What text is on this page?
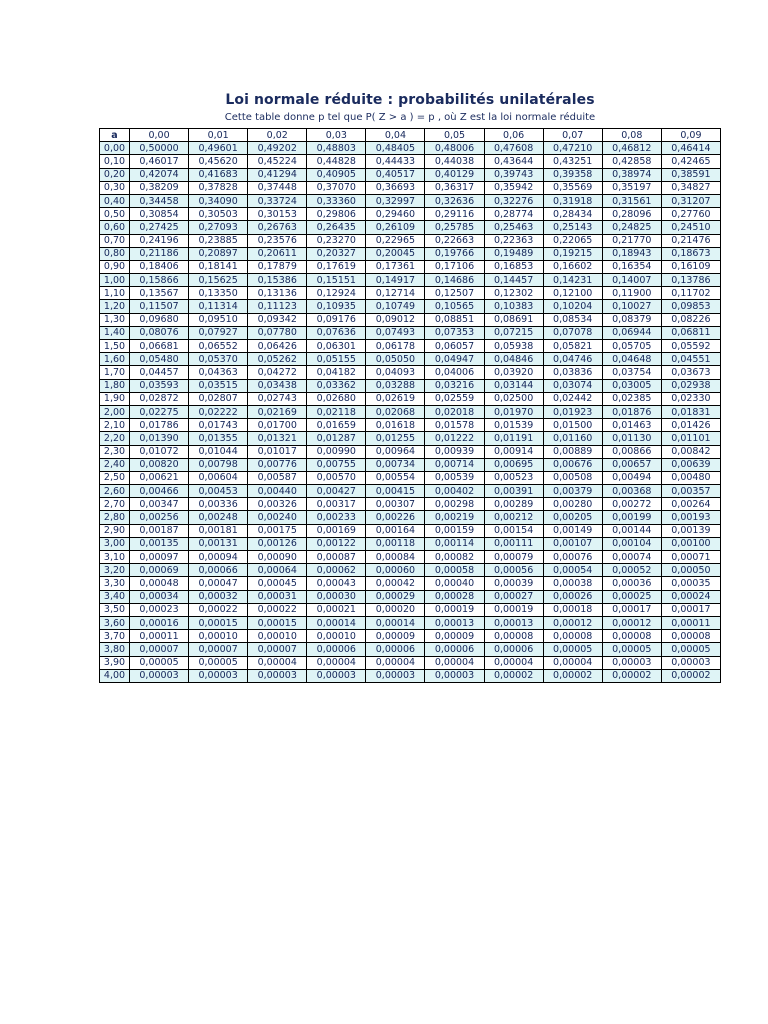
Loi normale réduite : probabilités unilatérales
Cette table donne p tel que P( Z > a ) = p , où Z est la loi normale réduite
a	0,00	0,01	0,02	0,03	0,04	0,05	0,06	0,07	0,08	0,09
0,00	0,50000	0,49601	0,49202	0,48803	0,48405	0,48006	0,47608	0,47210	0,46812	0,46414
0,10	0,46017	0,45620	0,45224	0,44828	0,44433	0,44038	0,43644	0,43251	0,42858	0,42465
0,20	0,42074	0,41683	0,41294	0,40905	0,40517	0,40129	0,39743	0,39358	0,38974	0,38591
0,30	0,38209	0,37828	0,37448	0,37070	0,36693	0,36317	0,35942	0,35569	0,35197	0,34827
0,40	0,34458	0,34090	0,33724	0,33360	0,32997	0,32636	0,32276	0,31918	0,31561	0,31207
0,50	0,30854	0,30503	0,30153	0,29806	0,29460	0,29116	0,28774	0,28434	0,28096	0,27760
0,60	0,27425	0,27093	0,26763	0,26435	0,26109	0,25785	0,25463	0,25143	0,24825	0,24510
0,70	0,24196	0,23885	0,23576	0,23270	0,22965	0,22663	0,22363	0,22065	0,21770	0,21476
0,80	0,21186	0,20897	0,20611	0,20327	0,20045	0,19766	0,19489	0,19215	0,18943	0,18673
0,90	0,18406	0,18141	0,17879	0,17619	0,17361	0,17106	0,16853	0,16602	0,16354	0,16109
1,00	0,15866	0,15625	0,15386	0,15151	0,14917	0,14686	0,14457	0,14231	0,14007	0,13786
1,10	0,13567	0,13350	0,13136	0,12924	0,12714	0,12507	0,12302	0,12100	0,11900	0,11702
1,20	0,11507	0,11314	0,11123	0,10935	0,10749	0,10565	0,10383	0,10204	0,10027	0,09853
1,30	0,09680	0,09510	0,09342	0,09176	0,09012	0,08851	0,08691	0,08534	0,08379	0,08226
1,40	0,08076	0,07927	0,07780	0,07636	0,07493	0,07353	0,07215	0,07078	0,06944	0,06811
1,50	0,06681	0,06552	0,06426	0,06301	0,06178	0,06057	0,05938	0,05821	0,05705	0,05592
1,60	0,05480	0,05370	0,05262	0,05155	0,05050	0,04947	0,04846	0,04746	0,04648	0,04551
1,70	0,04457	0,04363	0,04272	0,04182	0,04093	0,04006	0,03920	0,03836	0,03754	0,03673
1,80	0,03593	0,03515	0,03438	0,03362	0,03288	0,03216	0,03144	0,03074	0,03005	0,02938
1,90	0,02872	0,02807	0,02743	0,02680	0,02619	0,02559	0,02500	0,02442	0,02385	0,02330
2,00	0,02275	0,02222	0,02169	0,02118	0,02068	0,02018	0,01970	0,01923	0,01876	0,01831
2,10	0,01786	0,01743	0,01700	0,01659	0,01618	0,01578	0,01539	0,01500	0,01463	0,01426
2,20	0,01390	0,01355	0,01321	0,01287	0,01255	0,01222	0,01191	0,01160	0,01130	0,01101
2,30	0,01072	0,01044	0,01017	0,00990	0,00964	0,00939	0,00914	0,00889	0,00866	0,00842
2,40	0,00820	0,00798	0,00776	0,00755	0,00734	0,00714	0,00695	0,00676	0,00657	0,00639
2,50	0,00621	0,00604	0,00587	0,00570	0,00554	0,00539	0,00523	0,00508	0,00494	0,00480
2,60	0,00466	0,00453	0,00440	0,00427	0,00415	0,00402	0,00391	0,00379	0,00368	0,00357
2,70	0,00347	0,00336	0,00326	0,00317	0,00307	0,00298	0,00289	0,00280	0,00272	0,00264
2,80	0,00256	0,00248	0,00240	0,00233	0,00226	0,00219	0,00212	0,00205	0,00199	0,00193
2,90	0,00187	0,00181	0,00175	0,00169	0,00164	0,00159	0,00154	0,00149	0,00144	0,00139
3,00	0,00135	0,00131	0,00126	0,00122	0,00118	0,00114	0,00111	0,00107	0,00104	0,00100
3,10	0,00097	0,00094	0,00090	0,00087	0,00084	0,00082	0,00079	0,00076	0,00074	0,00071
3,20	0,00069	0,00066	0,00064	0,00062	0,00060	0,00058	0,00056	0,00054	0,00052	0,00050
3,30	0,00048	0,00047	0,00045	0,00043	0,00042	0,00040	0,00039	0,00038	0,00036	0,00035
3,40	0,00034	0,00032	0,00031	0,00030	0,00029	0,00028	0,00027	0,00026	0,00025	0,00024
3,50	0,00023	0,00022	0,00022	0,00021	0,00020	0,00019	0,00019	0,00018	0,00017	0,00017
3,60	0,00016	0,00015	0,00015	0,00014	0,00014	0,00013	0,00013	0,00012	0,00012	0,00011
3,70	0,00011	0,00010	0,00010	0,00010	0,00009	0,00009	0,00008	0,00008	0,00008	0,00008
3,80	0,00007	0,00007	0,00007	0,00006	0,00006	0,00006	0,00006	0,00005	0,00005	0,00005
3,90	0,00005	0,00005	0,00004	0,00004	0,00004	0,00004	0,00004	0,00004	0,00003	0,00003
4,00	0,00003	0,00003	0,00003	0,00003	0,00003	0,00003	0,00002	0,00002	0,00002	0,00002
